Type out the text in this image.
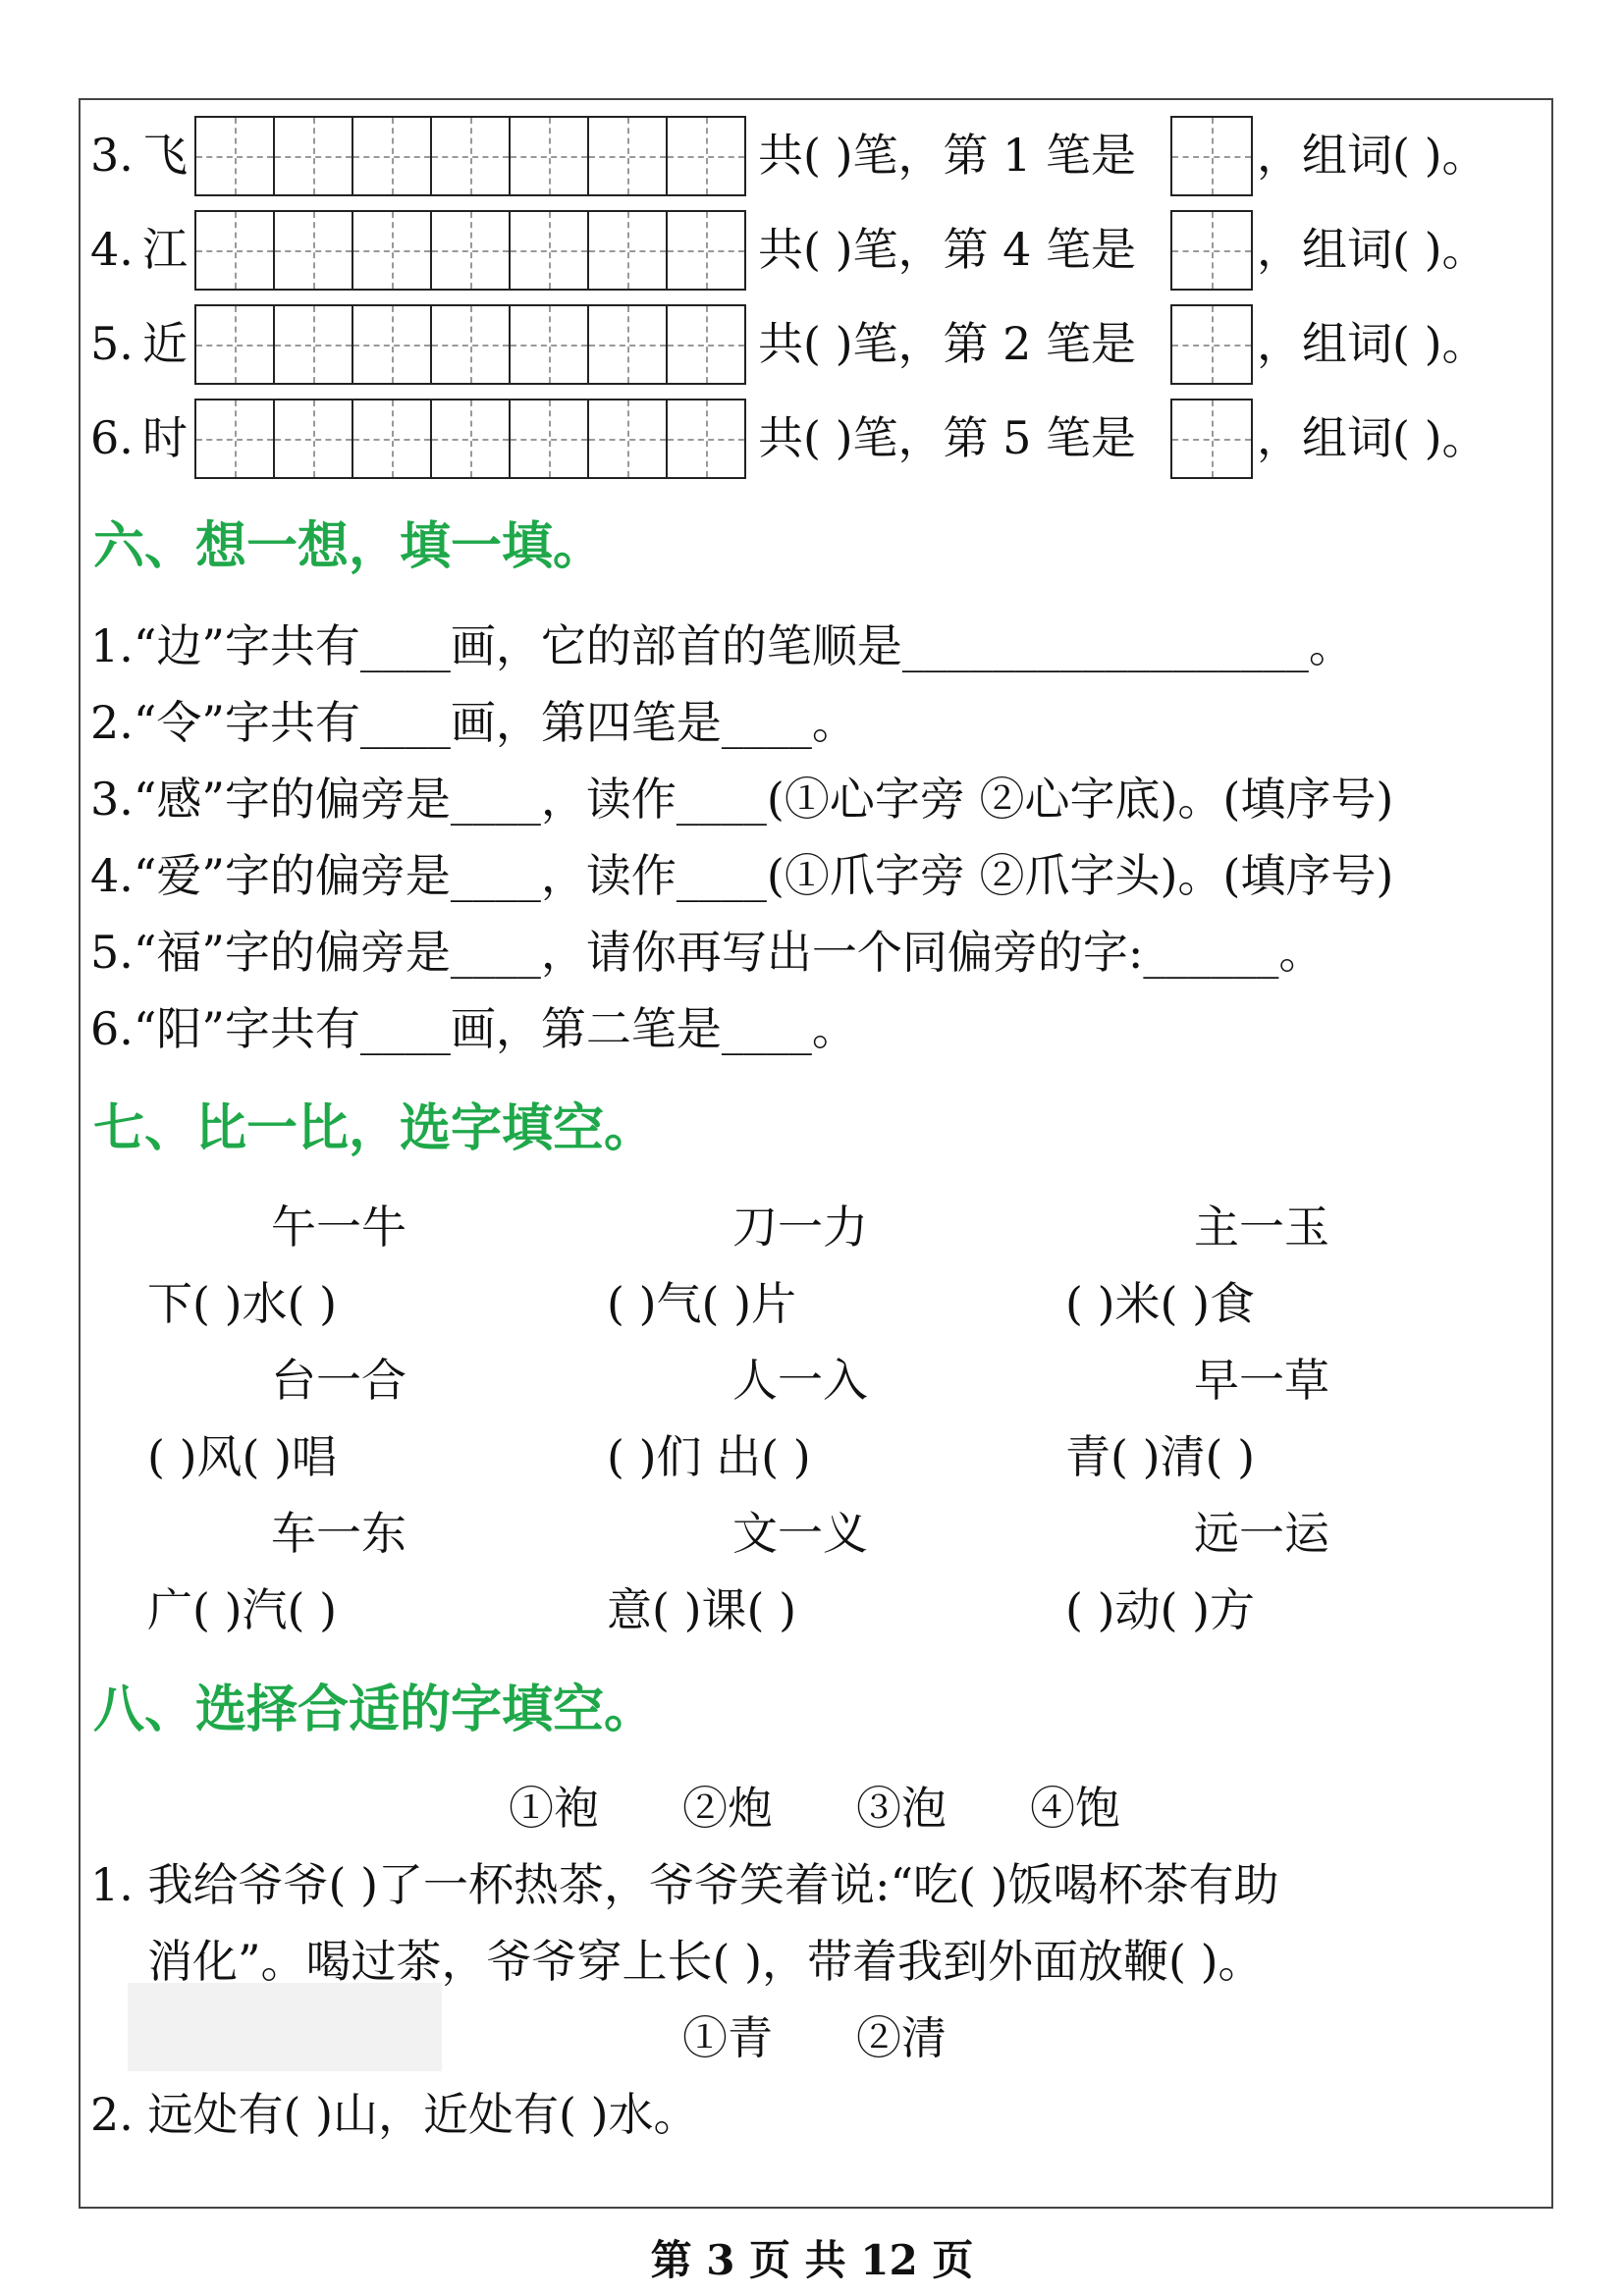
3. 飞	共( )笔，第 1 笔是	，组词( )。
4. 江	共( )笔，第 4 笔是	，组词( )。
5. 近	共( )笔，第 2 笔是	，组词( )。
6. 时	共( )笔，第 5 笔是	，组词( )。
六、想一想，填一填。
1.“边”字共有____画，它的部首的笔顺是__________________。
2.“令”字共有____画，第四笔是____。
3.“感”字的偏旁是____，读作____(①心字旁 ②心字底)。(填序号)
4.“爱”字的偏旁是____，读作____(①爪字旁 ②爪字头)。(填序号)
5.“福”字的偏旁是____，请你再写出一个同偏旁的字:______。
6.“阳”字共有____画，第二笔是____。
七、比一比，选字填空。
午一牛	刀一力	主一玉
下( )水( )	( )气( )片	( )米( )食
台一合	人一入	早一草
( )风( )唱	( )们 出( )	青( )清( )
车一东	文一义	远一运
广( )汽( )	意( )课( )	( )动( )方
八、选择合适的字填空。
①袍 ②炮 ③泡 ④饱
1. 我给爷爷( )了一杯热茶，爷爷笑着说:“吃( )饭喝杯茶有助
消化”。喝过茶，爷爷穿上长( )，带着我到外面放鞭( )。
①青 ②清
2. 远处有( )山，近处有( )水。
第 3 页 共 12 页
